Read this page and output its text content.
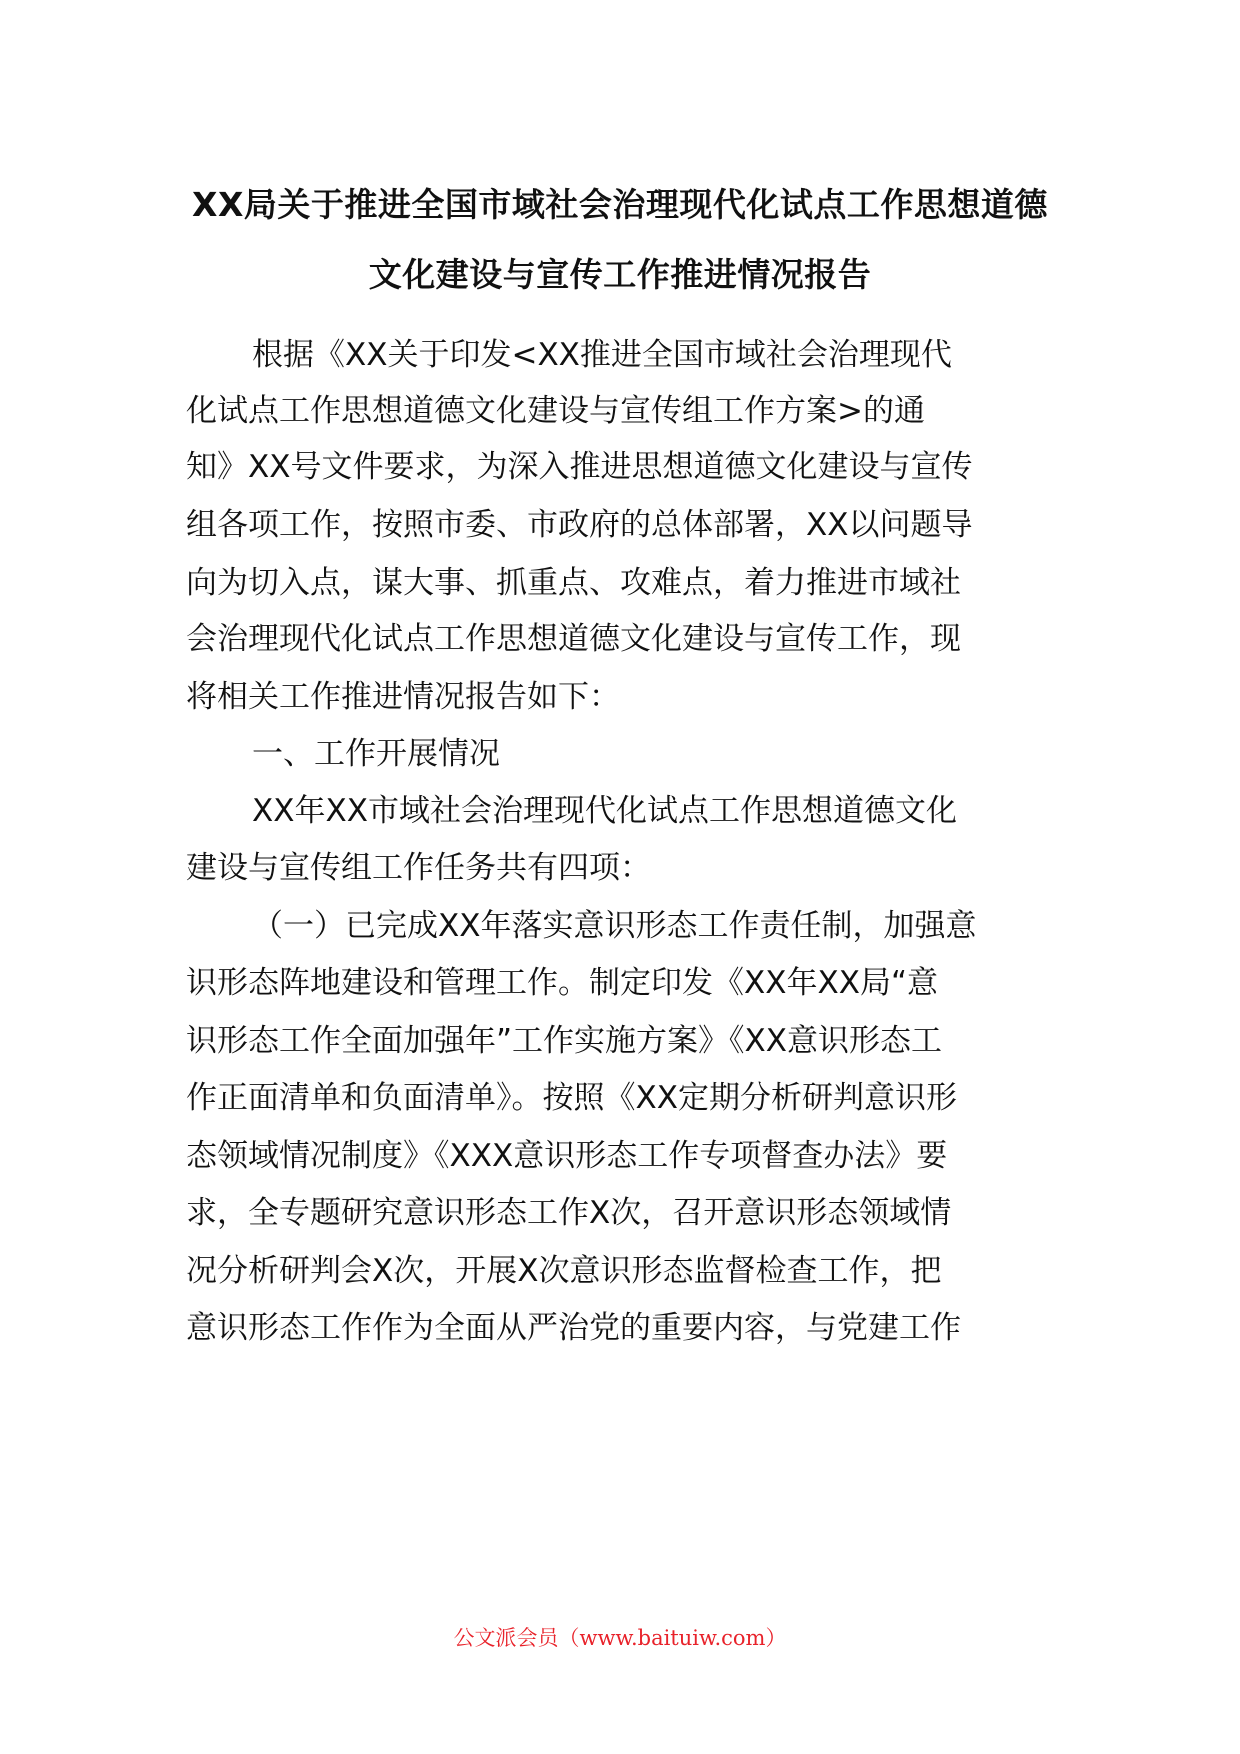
XX局关于推进全国市域社会治理现代化试点工作思想道德
文化建设与宣传工作推进情况报告
根据《XX关于印发<XX推进全国市域社会治理现代
化试点工作思想道德文化建设与宣传组工作方案>的通
知》XX号文件要求，为深入推进思想道德文化建设与宣传
组各项工作，按照市委、市政府的总体部署，XX以问题导
向为切入点，谋大事、抓重点、攻难点，着力推进市域社
会治理现代化试点工作思想道德文化建设与宣传工作，现
将相关工作推进情况报告如下：
一、工作开展情况
XX年XX市域社会治理现代化试点工作思想道德文化
建设与宣传组工作任务共有四项：
（一）已完成XX年落实意识形态工作责任制，加强意
识形态阵地建设和管理工作。制定印发《XX年XX局“意
识形态工作全面加强年”工作实施方案》《XX意识形态工
作正面清单和负面清单》。按照《XX定期分析研判意识形
态领域情况制度》《XXX意识形态工作专项督查办法》要
求，全专题研究意识形态工作X次，召开意识形态领域情
况分析研判会X次，开展X次意识形态监督检查工作，把
意识形态工作作为全面从严治党的重要内容，与党建工作
公文派会员（www.baituiw.com）
